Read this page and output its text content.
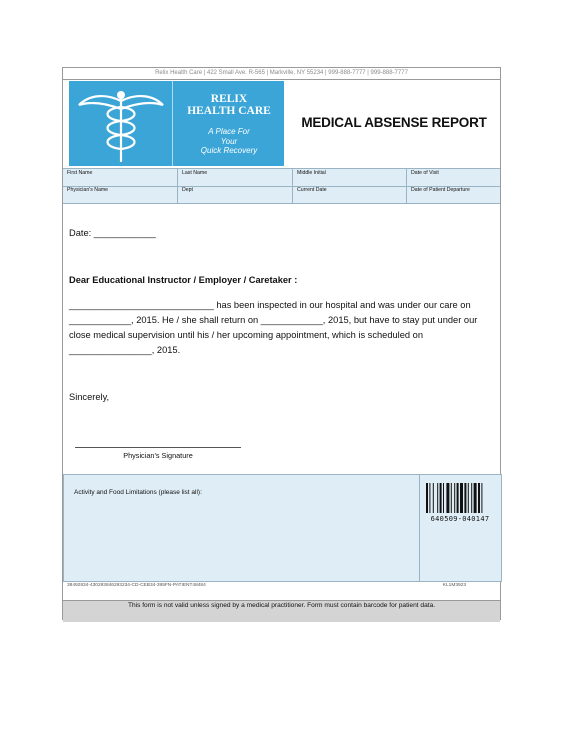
Relix Health Care | 422 Small Ave. R-565 | Markville, NY 55234 | 999-888-7777 | 999-888-7777
RELIX
HEALTH CARE
A Place For
Your
Quick Recovery
MEDICAL ABSENSE REPORT
First Name	Last Name	Middle Initial	Date of Visit
Physician's Name	Dept	Current Date	Date of Patient Departure
Date: ____________
Dear Educational Instructor / Employer / Caretaker :
____________________________ has been inspected in our hospital and was under our care on
____________, 2015. He / she shall return on ____________, 2015, but have to stay put under our
close medical supervision until his / her upcoming appointment, which is scheduled on
________________, 2015.
Sincerely,
Physician's Signature
Activity and Food Limitations (please list all):
640509-040147
38492834-430293846293234-CD-CEB34-395FN-PATIENT48484	KL1M3923
This form is not valid unless signed by a medical practitioner. Form must contain barcode for patient data.
